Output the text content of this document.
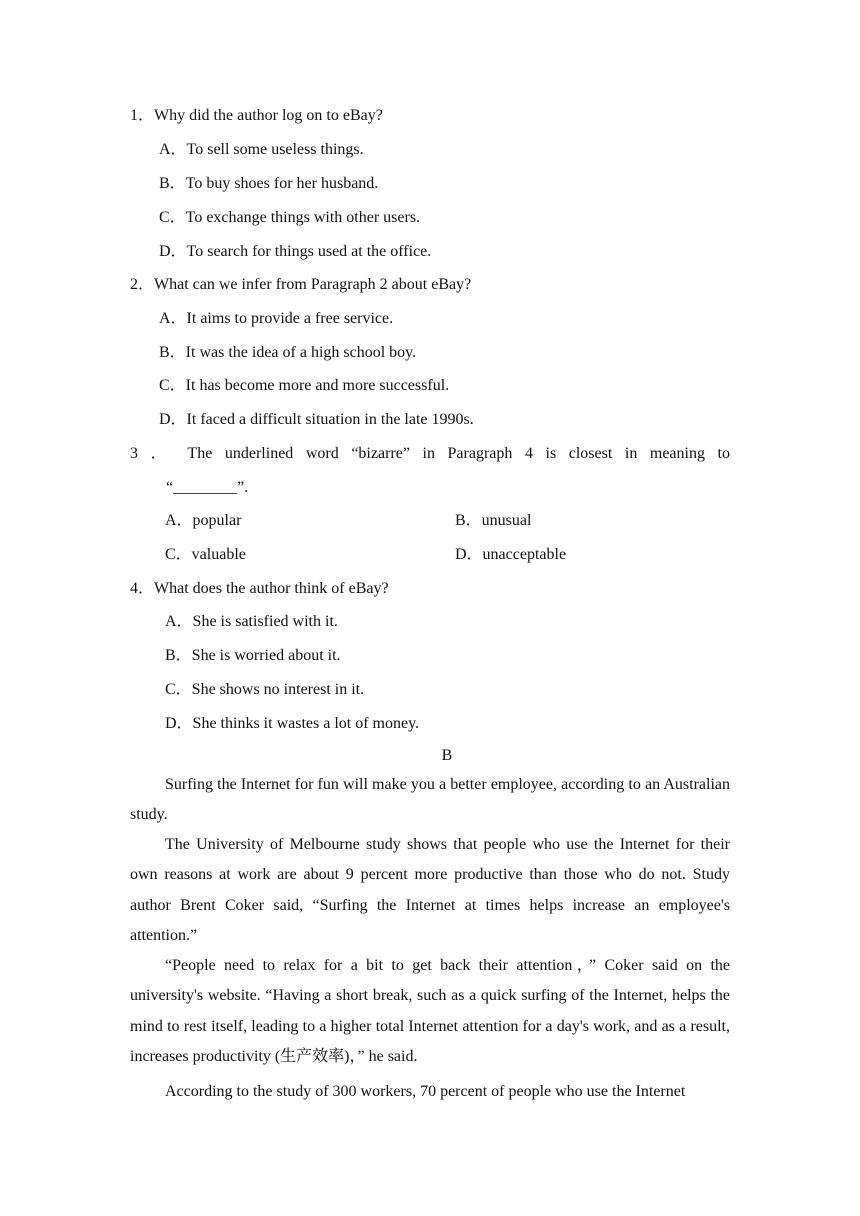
1．Why did the author log on to eBay?
A．To sell some useless things.
B．To buy shoes for her husband.
C．To exchange things with other users.
D．To search for things used at the office.
2．What can we infer from Paragraph 2 about eBay?
A．It aims to provide a free service.
B．It was the idea of a high school boy.
C．It has become more and more successful.
D．It faced a difficult situation in the late 1990s.
3 ． The underlined word “bizarre” in Paragraph 4 is closest in meaning to
“________”.
A．popular	B．unusual
C．valuable	D．unacceptable
4．What does the author think of eBay?
A．She is satisfied with it.
B．She is worried about it.
C．She shows no interest in it.
D．She thinks it wastes a lot of money.
B
Surfing the Internet for fun will make you a better employee, according to an Australian study.
The University of Melbourne study shows that people who use the Internet for their own reasons at work are about 9 percent more productive than those who do not. Study author Brent Coker said, “Surfing the Internet at times helps increase an employee's attention.”
“People need to relax for a bit to get back their attention，” Coker said on the university's website. “Having a short break, such as a quick surfing of the Internet, helps the mind to rest itself, leading to a higher total Internet attention for a day's work, and as a result, increases productivity (生产效率)，” he said.
According to the study of 300 workers, 70 percent of people who use the Internet
